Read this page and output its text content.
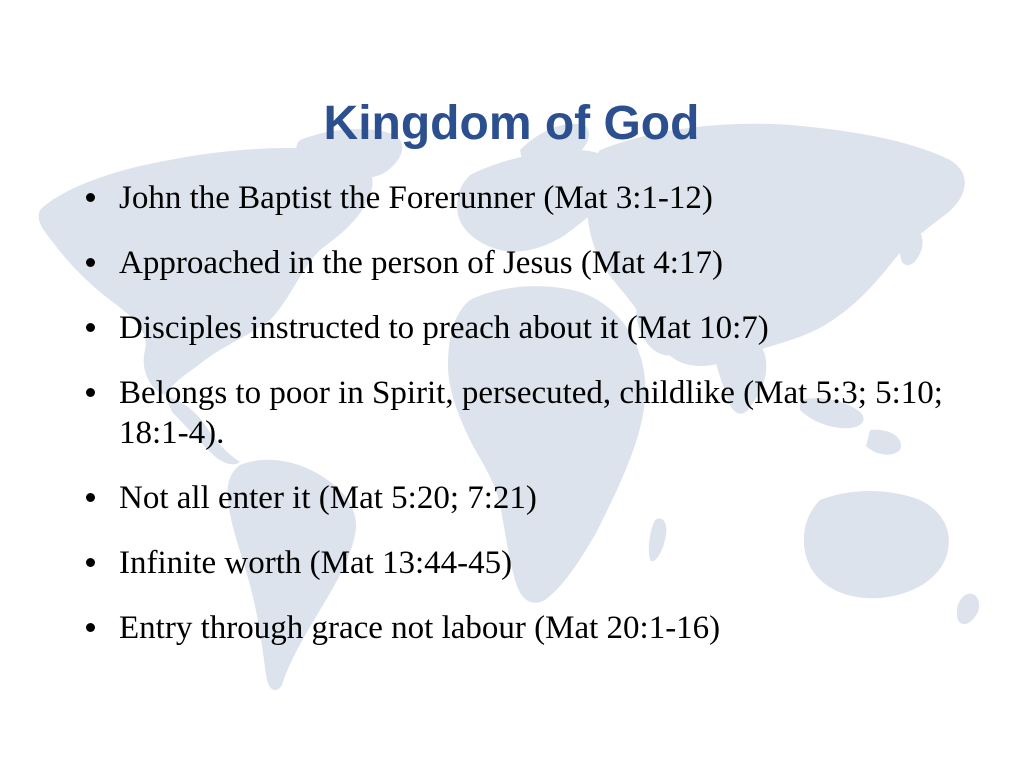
Kingdom of God
John the Baptist the Forerunner (Mat 3:1-12)
Approached in the person of Jesus (Mat 4:17)
Disciples instructed to preach about it (Mat 10:7)
Belongs to poor in Spirit, persecuted, childlike (Mat 5:3; 5:10; 18:1-4).
Not all enter it (Mat 5:20; 7:21)
Infinite worth (Mat 13:44-45)
Entry through grace not labour (Mat 20:1-16)
